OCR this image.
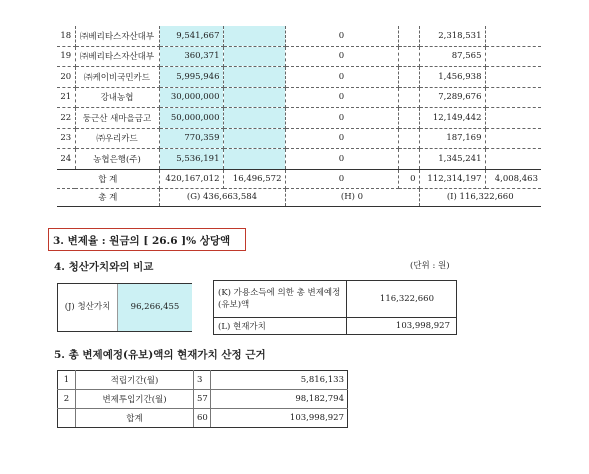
18	㈜베리타스자산대부	9,541,667		0		2,318,531	
19	㈜베리타스자산대부	360,371		0		87,565	
20	㈜케이비국민카드	5,995,946		0		1,456,938	
21	강내농협	30,000,000		0		7,289,676	
22	둥근산 새마을금고	50,000,000		0		12,149,442	
23	㈜우리카드	770,359		0		187,169	
24	농협은행(주)	5,536,191		0		1,345,241	
합 계		420,167,012	16,496,572	0	0	112,314,197	4,008,463
총 계		(G) 436,663,584		(H) 0		(I) 116,322,660	
3. 변제율 : 원금의 [ 26.6 ]% 상당액
4. 청산가치와의 비교	(단위 : 원)
(J) 청산가치	96,266,455
(K) 가용소득에 의한 총 변제예정(유보)액	116,322,660
(L) 현재가치	103,998,927
5. 총 변제예정(유보)액의 현재가치 산정 근거
1	적립기간(월)	3	5,816,133
2	변제투입기간(월)	57	98,182,794
	합계	60	103,998,927
